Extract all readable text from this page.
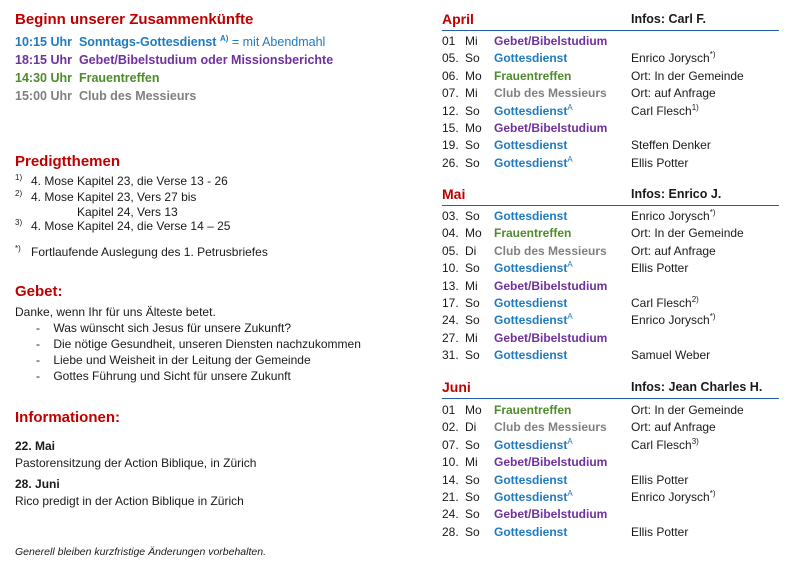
Beginn unserer Zusammenkünfte
10:15 Uhr Sonntags-Gottesdienst $^{A)}$ = mit Abendmahl
18:15 Uhr Gebet/Bibelstudium oder Missionsberichte
14:30 Uhr Frauentreffen
15:00 Uhr Club des Messieurs
Predigtthemen
$^{1)}$ 4. Mose Kapitel 23, die Verse 13 - 26
$^{2)}$ 4. Mose Kapitel 23, Vers 27 bis
Kapitel 24, Vers 13
$^{3)}$ 4. Mose Kapitel 24, die Verse 14 – 25
*) Fortlaufende Auslegung des 1. Petrusbriefes
Gebet:
Danke, wenn Ihr für uns Älteste betet.
-    Was wünscht sich Jesus für unsere Zukunft?
-    Die nötige Gesundheit, unseren Diensten nachzukommen
-    Liebe und Weisheit in der Leitung der Gemeinde
-    Gottes Führung und Sicht für unsere Zukunft
Informationen:
22. Mai
Pastorensitzung der Action Biblique, in Zürich
28. Juni
Rico predigt in der Action Biblique in Zürich
Generell bleiben kurzfristige Änderungen vorbehalten.
April	Infos: Carl F.
01 Mi Gebet/Bibelstudium
05. So Gottesdienst	Enrico Jorysch*)
06. Mo Frauentreffen	Ort: In der Gemeinde
07. Mi Club des Messieurs Ort: auf Anfrage
12. So Gottesdienst$^A$	Carl Flesch$^{1)}$
15. Mo Gebet/Bibelstudium
19. So Gottesdienst	Steffen Denker
26. So Gottesdienst$^A$	Ellis Potter
Mai	Infos: Enrico J.
03. So Gottesdienst	Enrico Jorysch*)
04. Mo Frauentreffen	Ort: In der Gemeinde
05. Di Club des Messieurs Ort: auf Anfrage
10. So Gottesdienst$^A$	Ellis Potter
13. Mi Gebet/Bibelstudium
17. So Gottesdienst	Carl Flesch$^{2)}$
24. So Gottesdienst$^A$	Enrico Jorysch*)
27. Mi Gebet/Bibelstudium
31. So Gottesdienst	Samuel Weber
Juni	Infos: Jean Charles H.
01 Mo Frauentreffen	Ort: In der Gemeinde
02. Di Club des Messieurs Ort: auf Anfrage
07. So Gottesdienst$^A$	Carl Flesch$^{3)}$
10. Mi Gebet/Bibelstudium
14. So Gottesdienst	Ellis Potter
21. So Gottesdienst$^A$	Enrico Jorysch*)
24. So Gebet/Bibelstudium
28. So Gottesdienst	Ellis Potter
